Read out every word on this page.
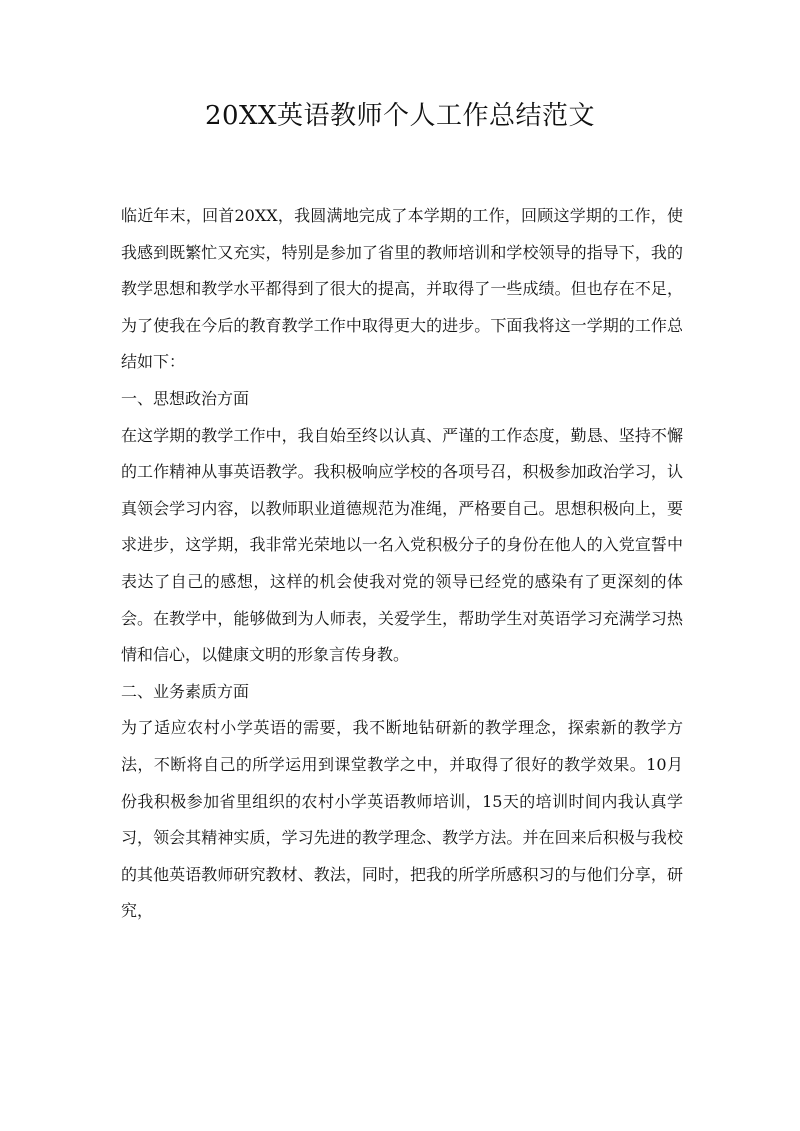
20XX英语教师个人工作总结范文

临近年末，回首20XX，我圆满地完成了本学期的工作，回顾这学期的工作，使我感到既繁忙又充实，特别是参加了省里的教师培训和学校领导的指导下，我的教学思想和教学水平都得到了很大的提高，并取得了一些成绩。但也存在不足，为了使我在今后的教育教学工作中取得更大的进步。下面我将这一学期的工作总结如下：

一、思想政治方面

在这学期的教学工作中，我自始至终以认真、严谨的工作态度，勤恳、坚持不懈的工作精神从事英语教学。我积极响应学校的各项号召，积极参加政治学习，认真领会学习内容，以教师职业道德规范为准绳，严格要自己。思想积极向上，要求进步，这学期，我非常光荣地以一名入党积极分子的身份在他人的入党宣誓中表达了自己的感想，这样的机会使我对党的领导已经党的感染有了更深刻的体会。在教学中，能够做到为人师表，关爱学生，帮助学生对英语学习充满学习热情和信心，以健康文明的形象言传身教。

二、业务素质方面

为了适应农村小学英语的需要，我不断地钻研新的教学理念，探索新的教学方法，不断将自己的所学运用到课堂教学之中，并取得了很好的教学效果。10月份我积极参加省里组织的农村小学英语教师培训，15天的培训时间内我认真学习，领会其精神实质，学习先进的教学理念、教学方法。并在回来后积极与我校的其他英语教师研究教材、教法，同时，把我的所学所感积习的与他们分享，研究，
